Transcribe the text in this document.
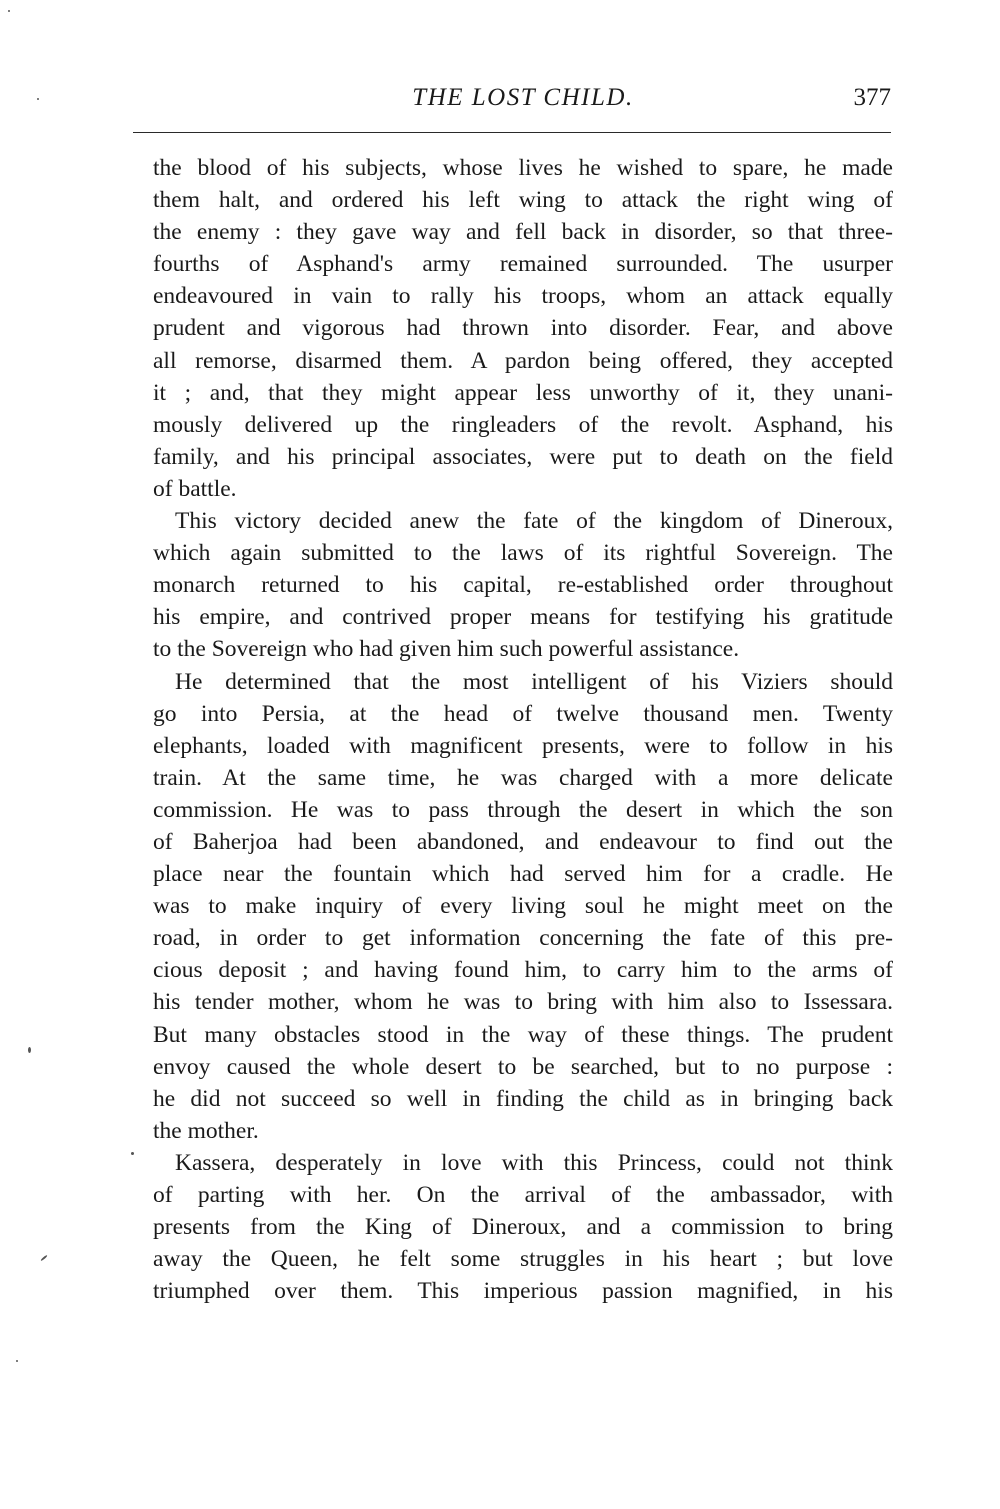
THE LOST CHILD.	377
the blood of his subjects, whose lives he wished to spare, he made
them halt, and ordered his left wing to attack the right wing of
the enemy : they gave way and fell back in disorder, so that three-
fourths of Asphand's army remained surrounded. The usurper
endeavoured in vain to rally his troops, whom an attack equally
prudent and vigorous had thrown into disorder. Fear, and above
all remorse, disarmed them. A pardon being offered, they accepted
it ; and, that they might appear less unworthy of it, they unani-
mously delivered up the ringleaders of the revolt. Asphand, his
family, and his principal associates, were put to death on the field
of battle.
This victory decided anew the fate of the kingdom of Dineroux,
which again submitted to the laws of its rightful Sovereign. The
monarch returned to his capital, re-established order throughout
his empire, and contrived proper means for testifying his gratitude
to the Sovereign who had given him such powerful assistance.
He determined that the most intelligent of his Viziers should
go into Persia, at the head of twelve thousand men. Twenty
elephants, loaded with magnificent presents, were to follow in his
train. At the same time, he was charged with a more delicate
commission. He was to pass through the desert in which the son
of Baherjoa had been abandoned, and endeavour to find out the
place near the fountain which had served him for a cradle. He
was to make inquiry of every living soul he might meet on the
road, in order to get information concerning the fate of this pre-
cious deposit ; and having found him, to carry him to the arms of
his tender mother, whom he was to bring with him also to Issessara.
But many obstacles stood in the way of these things. The prudent
envoy caused the whole desert to be searched, but to no purpose :
he did not succeed so well in finding the child as in bringing back
the mother.
Kassera, desperately in love with this Princess, could not think
of parting with her. On the arrival of the ambassador, with
presents from the King of Dineroux, and a commission to bring
away the Queen, he felt some struggles in his heart ; but love
triumphed over them. This imperious passion magnified, in his
